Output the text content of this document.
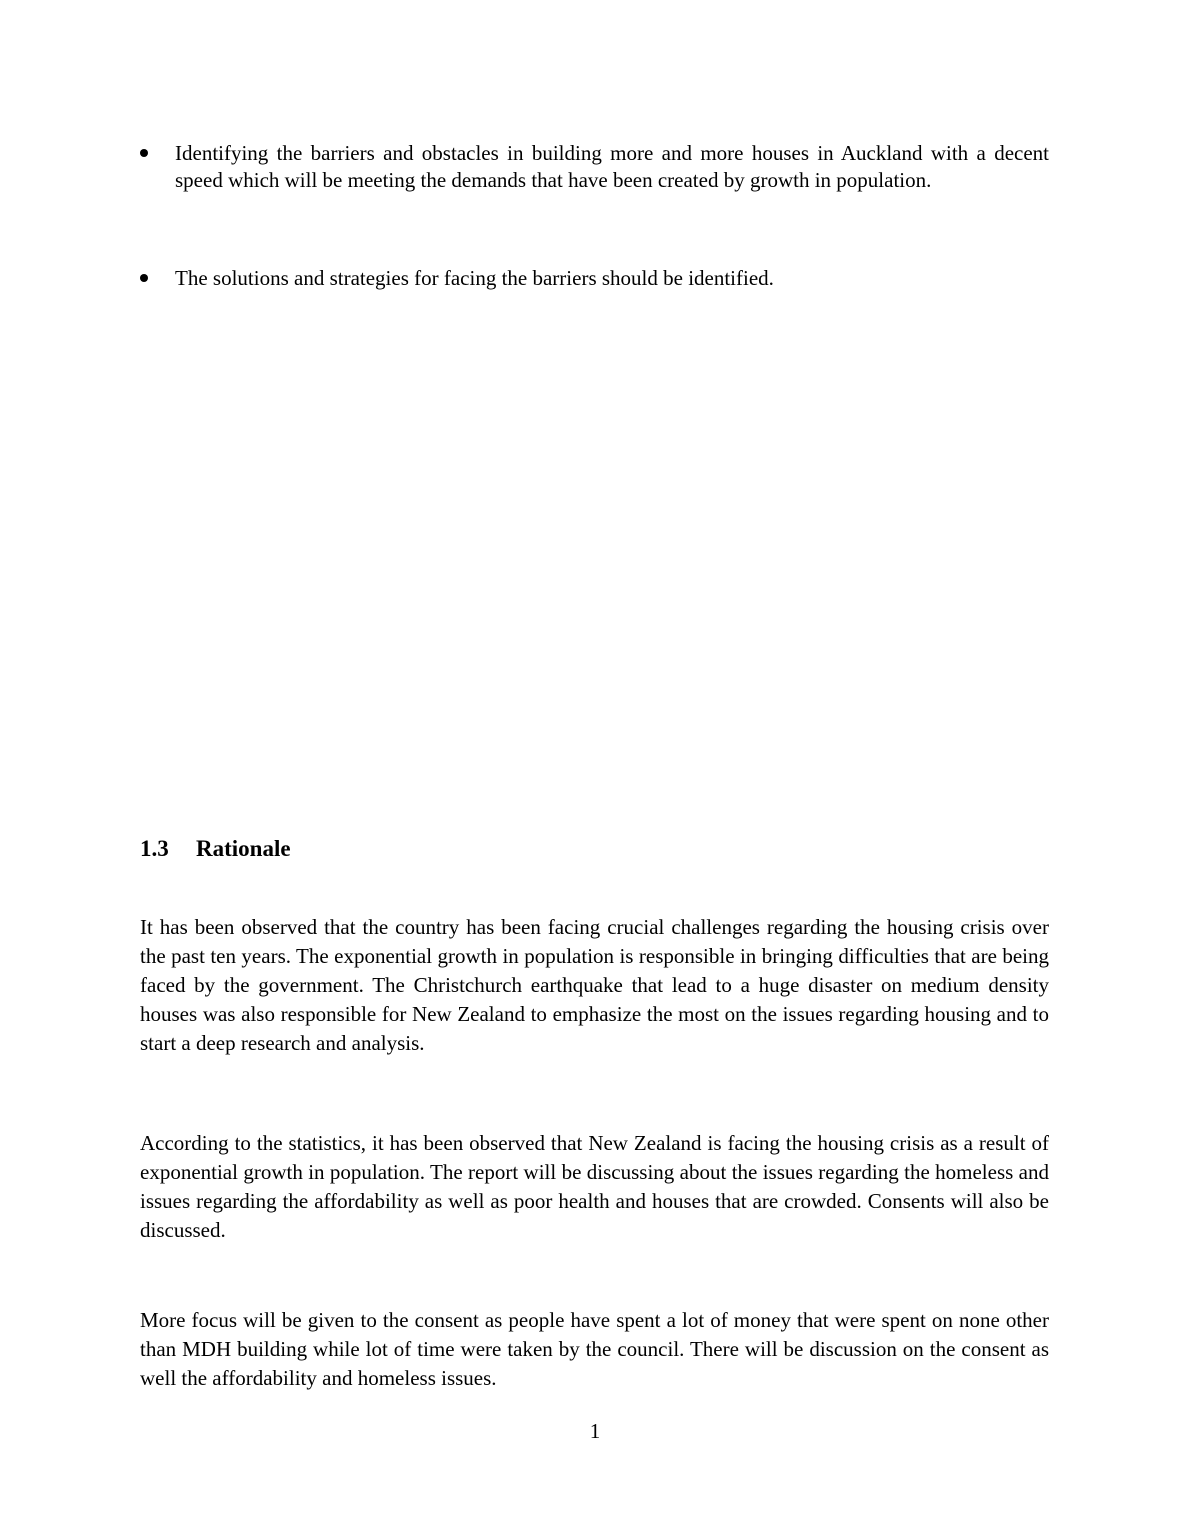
Identifying the barriers and obstacles in building more and more houses in Auckland with a decent speed which will be meeting the demands that have been created by growth in population.
The solutions and strategies for facing the barriers should be identified.
1.3 Rationale

It has been observed that the country has been facing crucial challenges regarding the housing crisis over the past ten years. The exponential growth in population is responsible in bringing difficulties that are being faced by the government. The Christchurch earthquake that lead to a huge disaster on medium density houses was also responsible for New Zealand to emphasize the most on the issues regarding housing and to start a deep research and analysis.

According to the statistics, it has been observed that New Zealand is facing the housing crisis as a result of exponential growth in population. The report will be discussing about the issues regarding the homeless and issues regarding the affordability as well as poor health and houses that are crowded. Consents will also be discussed.

More focus will be given to the consent as people have spent a lot of money that were spent on none other than MDH building while lot of time were taken by the council. There will be discussion on the consent as well the affordability and homeless issues.

1
